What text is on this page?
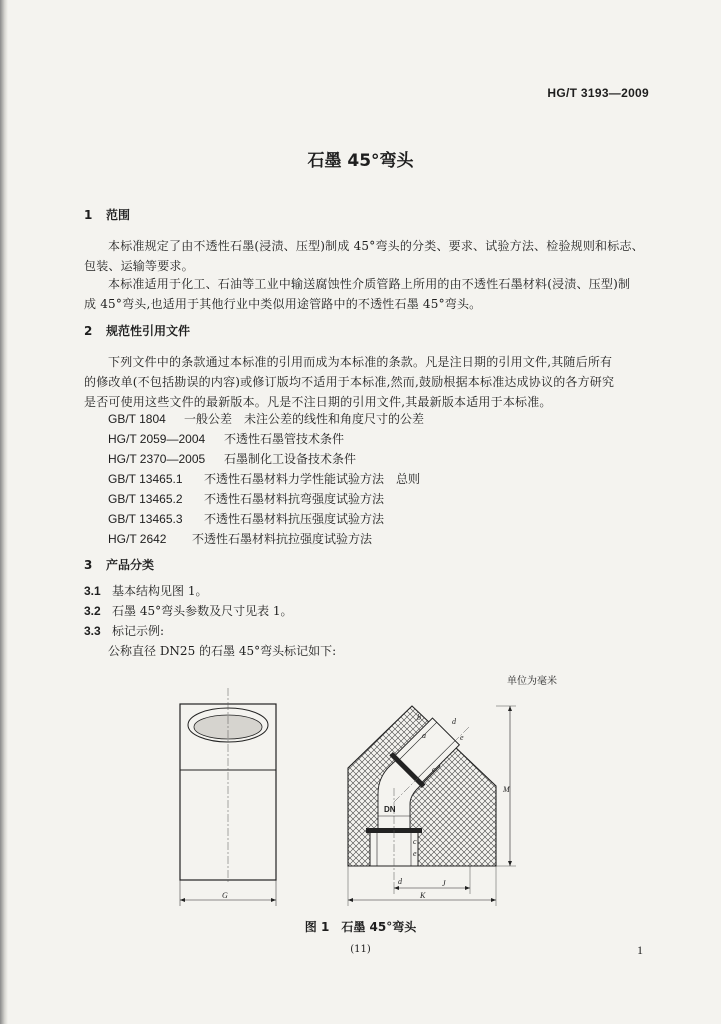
HG/T 3193—2009
石墨 45°弯头
1 范围
本标准规定了由不透性石墨(浸渍、压型)制成 45°弯头的分类、要求、试验方法、检验规则和标志、
包装、运输等要求。
本标准适用于化工、石油等工业中输送腐蚀性介质管路上所用的由不透性石墨材料(浸渍、压型)制
成 45°弯头,也适用于其他行业中类似用途管路中的不透性石墨 45°弯头。
2 规范性引用文件
下列文件中的条款通过本标准的引用而成为本标准的条款。凡是注日期的引用文件,其随后所有
的修改单(不包括勘误的内容)或修订版均不适用于本标准,然而,鼓励根据本标准达成协议的各方研究
是否可使用这些文件的最新版本。凡是不注日期的引用文件,其最新版本适用于本标准。
GB/T 1804 一般公差　未注公差的线性和角度尺寸的公差
HG/T 2059—2004 不透性石墨管技术条件
HG/T 2370—2005 石墨制化工设备技术条件
GB/T 13465.1 不透性石墨材料力学性能试验方法　总则
GB/T 13465.2 不透性石墨材料抗弯强度试验方法
GB/T 13465.3 不透性石墨材料抗压强度试验方法
HG/T 2642 不透性石墨材料抗拉强度试验方法
3 产品分类
3.1 基本结构见图 1。
3.2 石墨 45°弯头参数及尺寸见表 1。
3.3 标记示例:
公称直径 DN25 的石墨 45°弯头标记如下:
单位为毫米
G
DN
b
a
d
c
e
c
e
M
J
d
K
图 1　石墨 45°弯头
(11)	1
